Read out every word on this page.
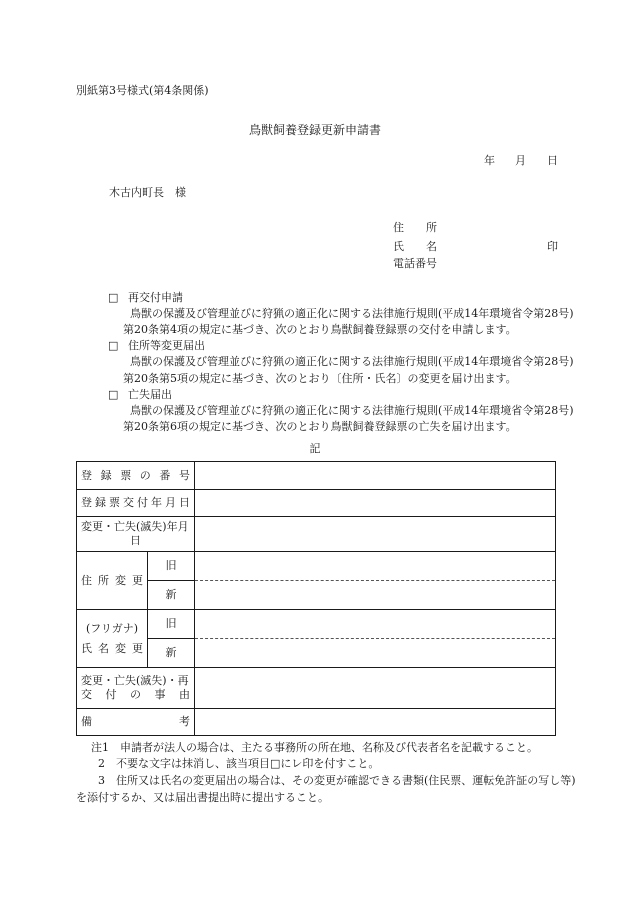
別紙第3号様式(第4条関係)
鳥獣飼養登録更新申請書
年 月 日
木古内町長　様
住　　所
氏　　名	印
電話番号
□ 再交付申請
鳥獣の保護及び管理並びに狩猟の適正化に関する法律施行規則(平成14年環境省令第28号)
第20条第4項の規定に基づき、次のとおり鳥獣飼養登録票の交付を申請します。
□ 住所等変更届出
鳥獣の保護及び管理並びに狩猟の適正化に関する法律施行規則(平成14年環境省令第28号)
第20条第5項の規定に基づき、次のとおり〔住所・氏名〕の変更を届け出ます。
□ 亡失届出
鳥獣の保護及び管理並びに狩猟の適正化に関する法律施行規則(平成14年環境省令第28号)
第20条第6項の規定に基づき、次のとおり鳥獣飼養登録票の亡失を届け出ます。
記
登録票の番号		

登録票交付年月日		

変更・亡失(滅失)年月
日		

住所変更	旧	
	新	

(フリガナ)
氏名変更	旧	
	新	

変更・亡失(滅失)・再
交付の事由		

備考		

注1　申請者が法人の場合は、主たる事務所の所在地、名称及び代表者名を記載すること。
2　不要な文字は抹消し、該当項目□にレ印を付すこと。
3　住所又は氏名の変更届出の場合は、その変更が確認できる書類(住民票、運転免許証の写し等)
を添付するか、又は届出書提出時に提出すること。
